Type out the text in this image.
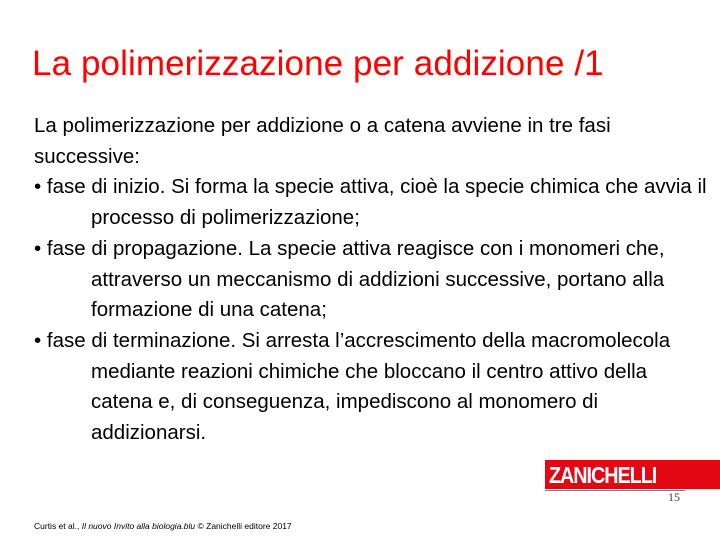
La polimerizzazione per addizione /1

La polimerizzazione per addizione o a catena avviene in tre fasi successive:

• fase di inizio. Si forma la specie attiva, cioè la specie chimica che avvia il processo di polimerizzazione;
• fase di propagazione. La specie attiva reagisce con i monomeri che, attraverso un meccanismo di addizioni successive, portano alla formazione di una catena;
• fase di terminazione. Si arresta l’accrescimento della macromolecola mediante reazioni chimiche che bloccano il centro attivo della catena e, di conseguenza, impediscono al monomero di addizionarsi.
ZANICHELLI
15
Curtis et al., Il nuovo Invito alla biologia.blu © Zanichelli editore 2017
